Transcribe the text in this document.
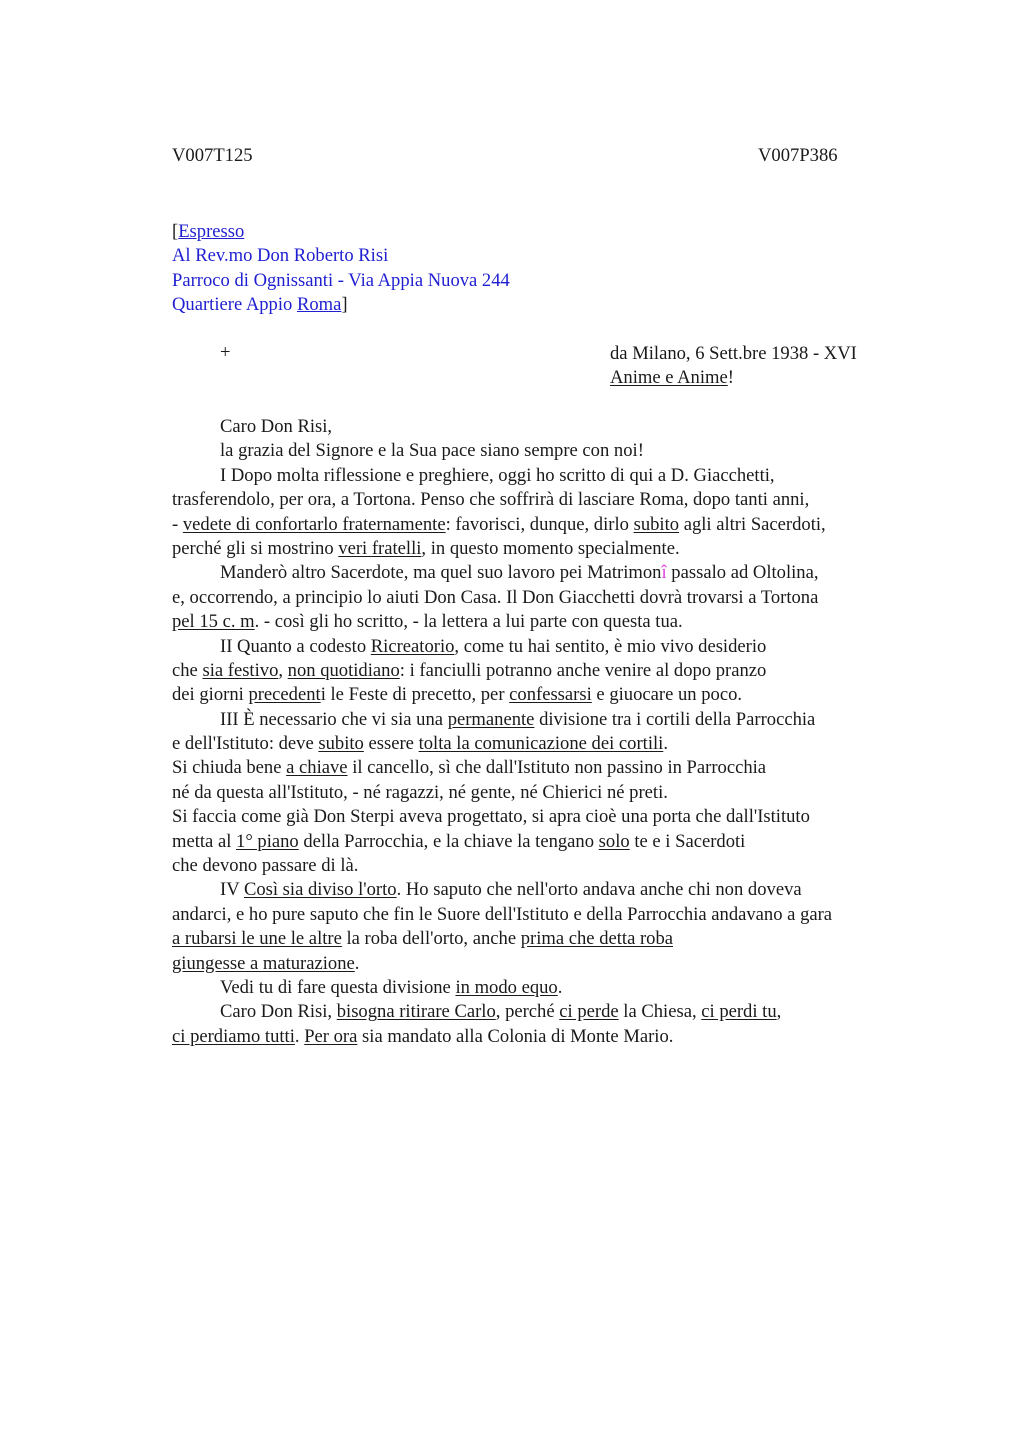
V007T125	V007P386
[Espresso
Al Rev.mo Don Roberto Risi
Parroco di Ognissanti - Via Appia Nuova 244
Quartiere Appio Roma]
+	da Milano, 6 Sett.bre 1938 - XVI
Anime e Anime!
Caro Don Risi,
la grazia del Signore e la Sua pace siano sempre con noi!
I Dopo molta riflessione e preghiere, oggi ho scritto di qui a D. Giacchetti,
trasferendolo, per ora, a Tortona. Penso che soffrirà di lasciare Roma, dopo tanti anni,
- vedete di confortarlo fraternamente: favorisci, dunque, dirlo subito agli altri Sacerdoti,
perché gli si mostrino veri fratelli, in questo momento specialmente.
Manderò altro Sacerdote, ma quel suo lavoro pei Matrimonî passalo ad Oltolina,
e, occorrendo, a principio lo aiuti Don Casa. Il Don Giacchetti dovrà trovarsi a Tortona
pel 15 c. m. - così gli ho scritto, - la lettera a lui parte con questa tua.
II Quanto a codesto Ricreatorio, come tu hai sentito, è mio vivo desiderio
che sia festivo, non quotidiano: i fanciulli potranno anche venire al dopo pranzo
dei giorni precedenti le Feste di precetto, per confessarsi e giuocare un poco.
III È necessario che vi sia una permanente divisione tra i cortili della Parrocchia
e dell'Istituto: deve subito essere tolta la comunicazione dei cortili.
Si chiuda bene a chiave il cancello, sì che dall'Istituto non passino in Parrocchia
né da questa all'Istituto, - né ragazzi, né gente, né Chierici né preti.
Si faccia come già Don Sterpi aveva progettato, si apra cioè una porta che dall'Istituto
metta al 1° piano della Parrocchia, e la chiave la tengano solo te e i Sacerdoti
che devono passare di là.
IV Così sia diviso l'orto. Ho saputo che nell'orto andava anche chi non doveva
andarci, e ho pure saputo che fin le Suore dell'Istituto e della Parrocchia andavano a gara
a rubarsi le une le altre la roba dell'orto, anche prima che detta roba
giungesse a maturazione.
Vedi tu di fare questa divisione in modo equo.
Caro Don Risi, bisogna ritirare Carlo, perché ci perde la Chiesa, ci perdi tu,
ci perdiamo tutti. Per ora sia mandato alla Colonia di Monte Mario.
